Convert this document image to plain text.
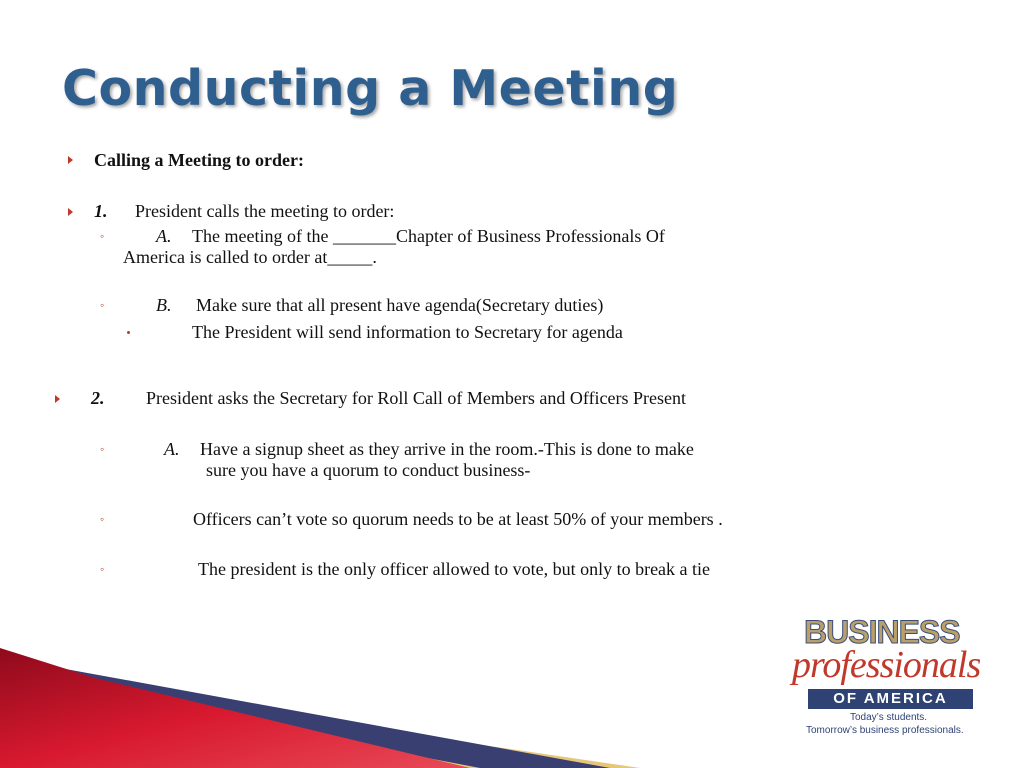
Conducting a Meeting
Calling a Meeting to order:
1. President calls the meeting to order:
◦	A. The meeting of the _______Chapter of Business Professionals Of
America is called to order at_____.
◦	B. Make sure that all present have agenda(Secretary duties)
The President will send information to Secretary for agenda
2. President asks the Secretary for Roll Call of Members and Officers Present
◦	A. Have a signup sheet as they arrive in the room.-This is done to make
sure you have a quorum to conduct business-
◦	Officers can’t vote so quorum needs to be at least 50% of your members .
◦	The president is the only officer allowed to vote, but only to break a tie
BUSINESS
professionals
OF AMERICA
Today’s students.
Tomorrow’s business professionals.
